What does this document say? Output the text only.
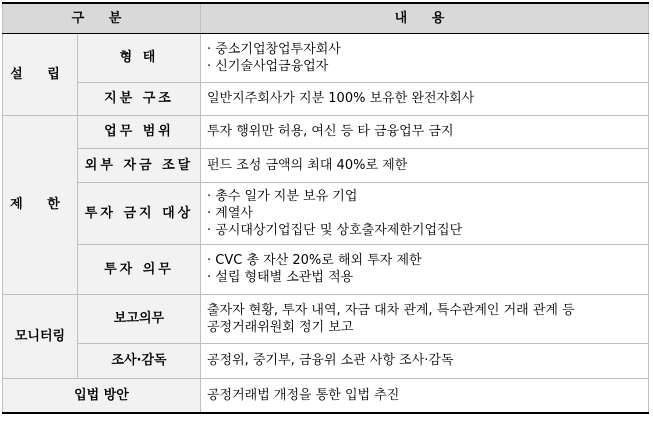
구 분		내 용
설 립	형 태	· 중소기업창업투자회사
· 신기술사업금융업자

	지분 구조	일반지주회사가 지분 100% 보유한 완전자회사

제 한	업무 범위	투자 행위만 허용, 여신 등 타 금융업무 금지

	외부 자금 조달	펀드 조성 금액의 최대 40%로 제한

	투자 금지 대상	· 총수 일가 지분 보유 기업
· 계열사
· 공시대상기업집단 및 상호출자제한기업집단

	투자 의무	· CVC 총 자산 20%로 해외 투자 제한
· 설립 형태별 소관법 적용

모니터링	보고의무	출자자 현황, 투자 내역, 자금 대차 관계, 특수관계인 거래 관계 등
공정거래위원회 정기 보고

	조사·감독	공정위, 중기부, 금융위 소관 사항 조사·감독

입법 방안		공정거래법 개정을 통한 입법 추진
